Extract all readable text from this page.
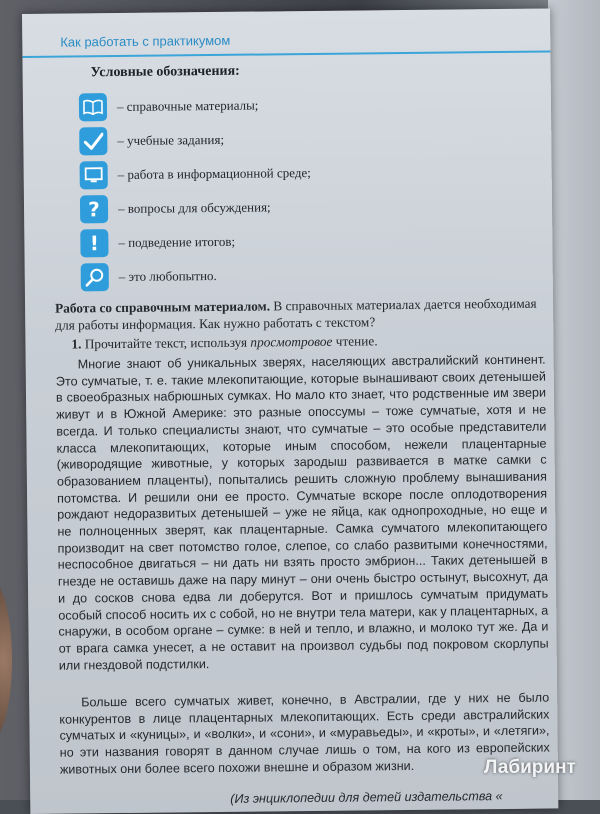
Как работать с практикумом
Условные обозначения:
– справочные материалы;
– учебные задания;
– работа в информационной среде;
? – вопросы для обсуждения;
! – подведение итогов;
– это любопытно.
Работа со справочным материалом. В справочных материалах дается необходимая для работы информация. Как нужно работать с текстом?
1. Прочитайте текст, используя просмотровое чтение.
Многие знают об уникальных зверях, населяющих австралийский континент. Это сумчатые, т. е. такие млекопитающие, которые вынашивают своих детенышей в своеобразных набрюшных сумках. Но мало кто знает, что родственные им звери живут и в Южной Америке: это разные опоссумы – тоже сумчатые, хотя и не всегда. И только специалисты знают, что сумчатые – это особые представители класса млекопитающих, которые иным способом, нежели плацентарные (живородящие животные, у которых зародыш развивается в матке самки с образованием плаценты), попытались решить сложную проблему вынашивания потомства. И решили они ее просто. Сумчатые вскоре после оплодотворения рождают недоразвитых детенышей – уже не яйца, как однопроходные, но еще и не полноценных зверят, как плацентарные. Самка сумчатого млекопитающего производит на свет потомство голое, слепое, со слабо развитыми конечностями, неспособное двигаться – ни дать ни взять просто эмбрион... Таких детенышей в гнезде не оставишь даже на пару минут – они очень быстро остынут, высохнут, да и до сосков снова едва ли доберутся. Вот и пришлось сумчатым придумать особый способ носить их с собой, но не внутри тела матери, как у плацентарных, а снаружи, в особом органе – сумке: в ней и тепло, и влажно, и молоко тут же. Да и от врага самка унесет, а не оставит на произвол судьбы под покровом скорлупы или гнездовой подстилки.
Больше всего сумчатых живет, конечно, в Австралии, где у них не было конкурентов в лице плацентарных млекопитающих. Есть среди австралийских сумчатых и «куницы», и «волки», и «сони», и «муравьеды», и «кроты», и «летяги», но эти названия говорят в данном случае лишь о том, на кого из европейских животных они более всего похожи внешне и образом жизни.
(Из энциклопедии для детей издательства «
Лабиринт
